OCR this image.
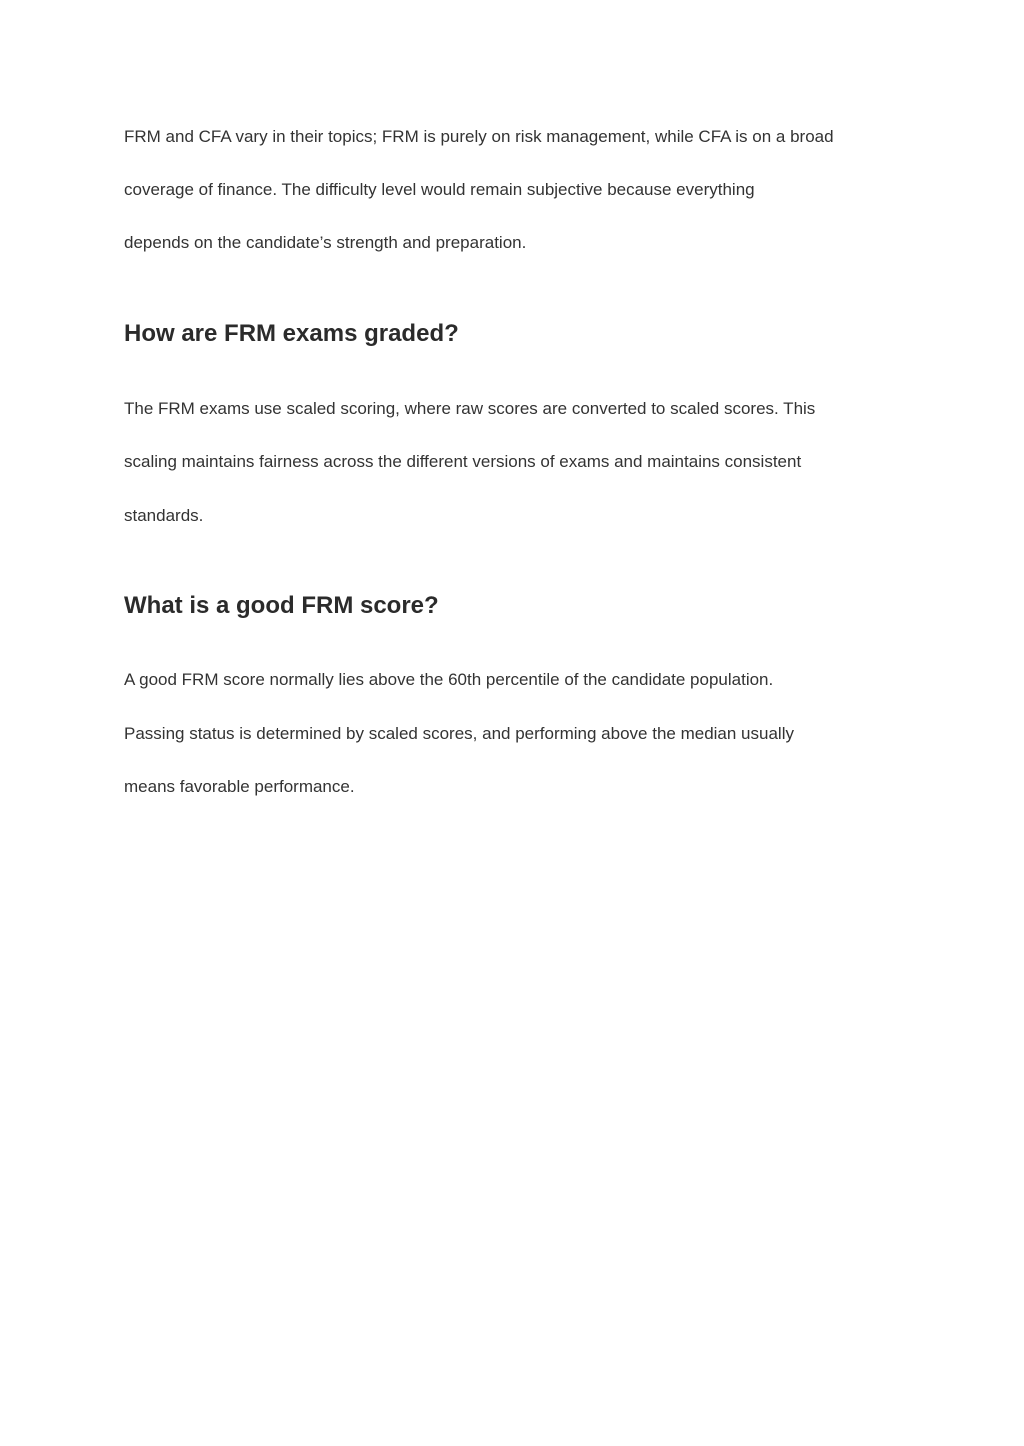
FRM and CFA vary in their topics; FRM is purely on risk management, while CFA is on a broad
coverage of finance. The difficulty level would remain subjective because everything
depends on the candidate’s strength and preparation.
How are FRM exams graded?
The FRM exams use scaled scoring, where raw scores are converted to scaled scores. This
scaling maintains fairness across the different versions of exams and maintains consistent
standards.
What is a good FRM score?
A good FRM score normally lies above the 60th percentile of the candidate population.
Passing status is determined by scaled scores, and performing above the median usually
means favorable performance.
